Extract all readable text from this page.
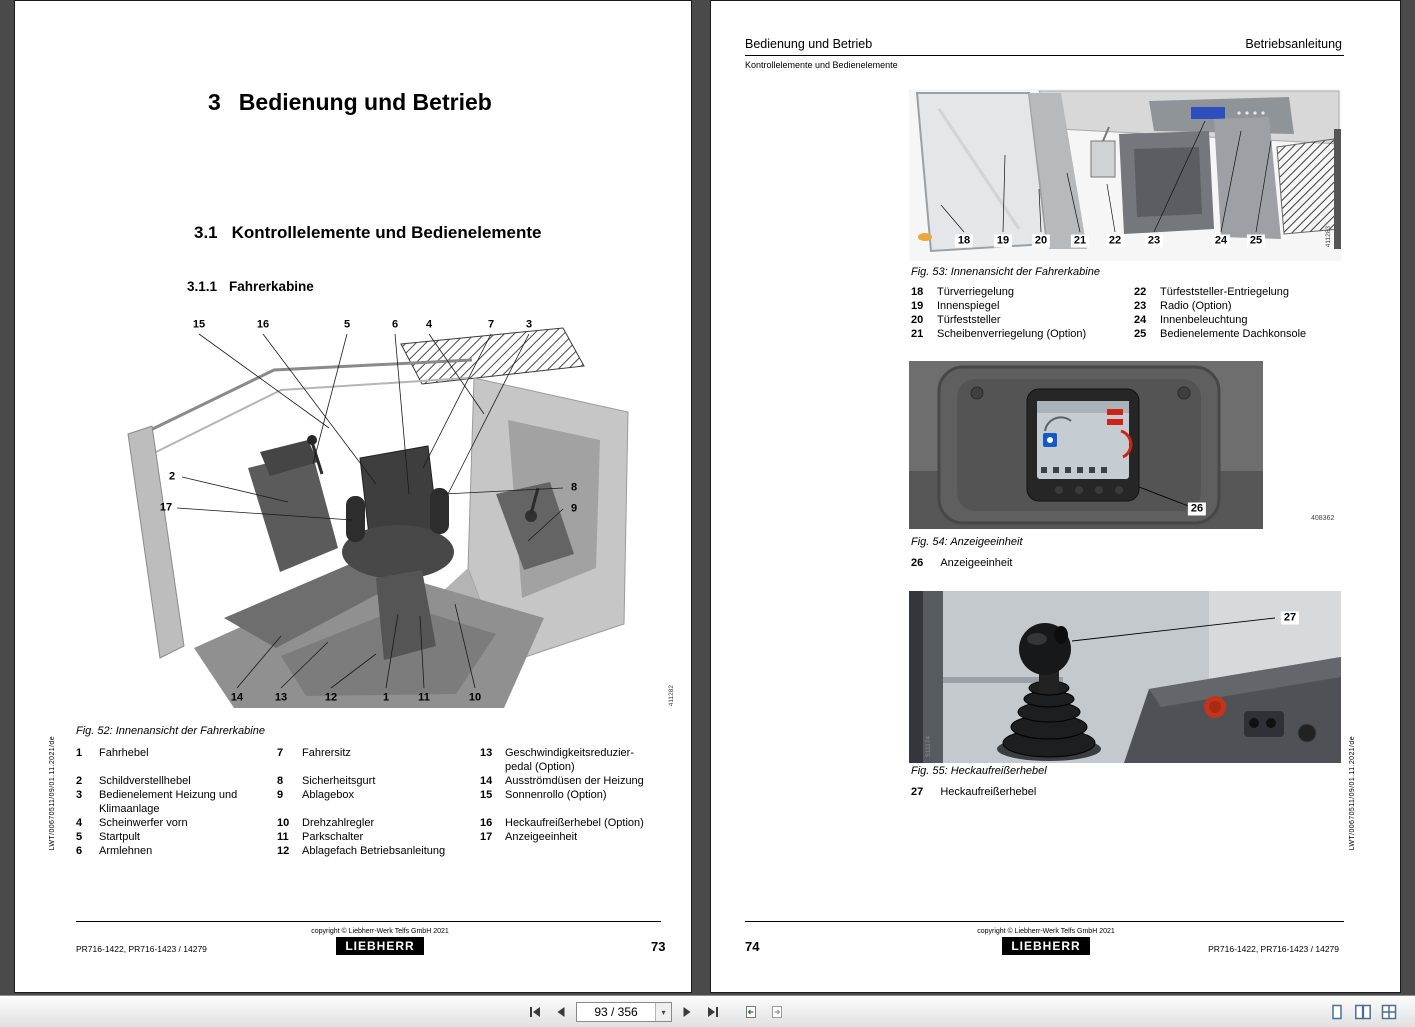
LWT/00670511/09/01.11.2021/de
3 Bedienung und Betrieb
3.1 Kontrollelemente und Bedienelemente
3.1.1 Fahrerkabine
15	16	5	6	4	7	3
2
17
8
9
14	13	12	1	11	10	411282
Fig. 52: Innenansicht der Fahrerkabine
1	Fahrhebel	7	Fahrersitz	13	Geschwindigkeitsreduzier-pedal (Option)
2	Schildverstellhebel	8	Sicherheitsgurt	14	Ausströmdüsen der Heizung
3	Bedienelement Heizung und Klimaanlage	9	Ablagebox	15	Sonnenrollo (Option)
4	Scheinwerfer vorn	10	Drehzahlregler	16	Heckaufreißerhebel (Option)
5	Startpult	11	Parkschalter	17	Anzeigeeinheit
6	Armlehnen	12	Ablagefach Betriebsanleitung		
PR716-1422, PR716-1423 / 14279
copyright © Liebherr-Werk Telfs GmbH 2021
LIEBHERR	73
Bedienung und Betrieb	Betriebsanleitung
Kontrollelemente und Bedienelemente
18 19 20 21 22 23	24 25	411283
Fig. 53: Innenansicht der Fahrerkabine
18	Türverriegelung	22	Türfeststeller-Entriegelung
19	Innenspiegel	23	Radio (Option)
20	Türfeststeller	24	Innenbeleuchtung
21	Scheibenverriegelung (Option)	25	Bedienelemente Dachkonsole
26
408362
Fig. 54: Anzeigeeinheit
26 Anzeigeeinheit
27
511174
Fig. 55: Heckaufreißerhebel
27 Heckaufreißerhebel	LWT/00670511/09/01.11.2021/de
74
copyright © Liebherr-Werk Telfs GmbH 2021
LIEBHERR	PR716-1422, PR716-1423 / 14279
93 / 356
▾
